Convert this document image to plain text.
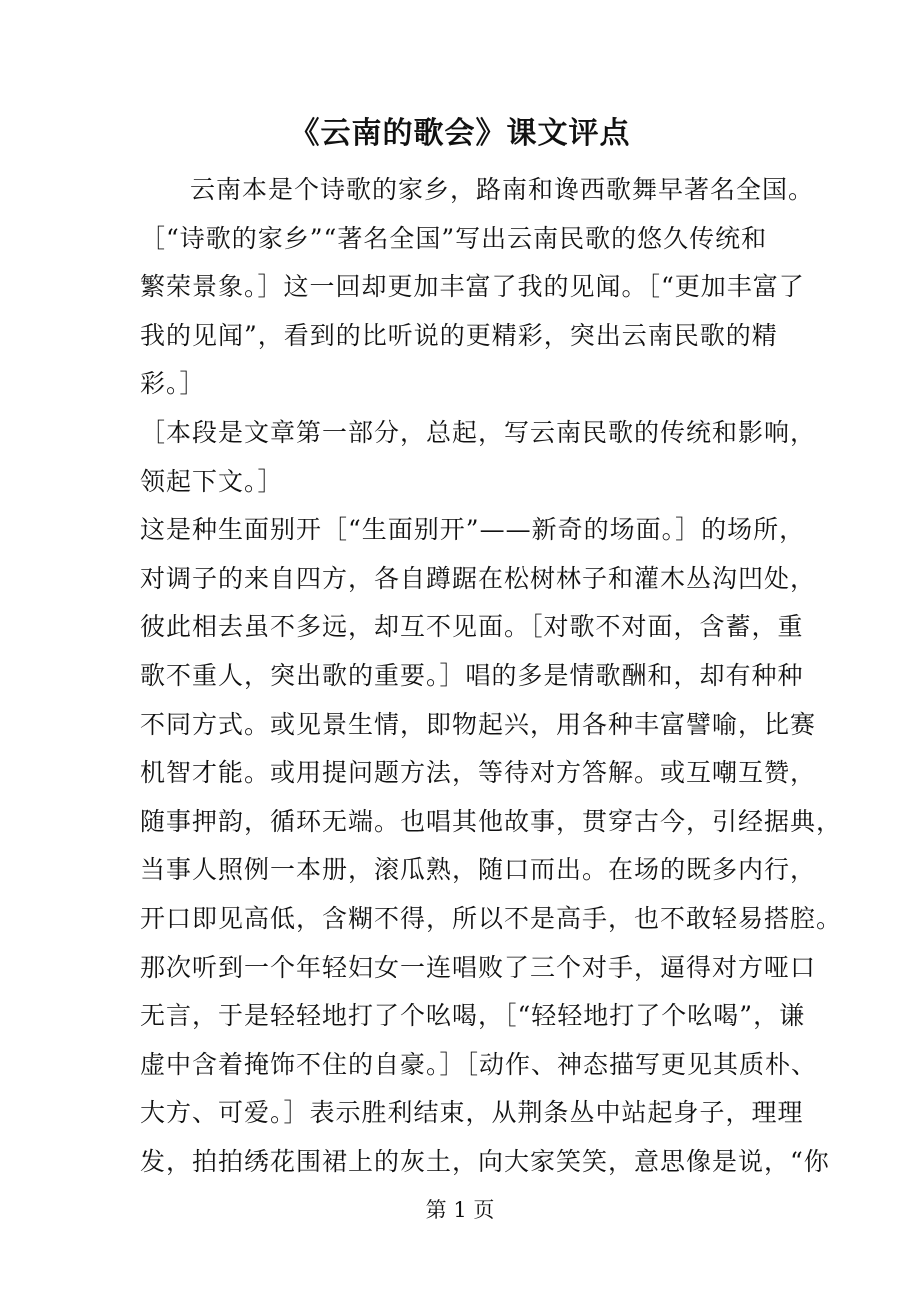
《云南的歌会》课文评点
云南本是个诗歌的家乡，路南和谗西歌舞早著名全国。
［“诗歌的家乡”“著名全国”写出云南民歌的悠久传统和
繁荣景象。］这一回却更加丰富了我的见闻。［“更加丰富了
我的见闻”，看到的比听说的更精彩，突出云南民歌的精
彩。］
［本段是文章第一部分，总起，写云南民歌的传统和影响，
领起下文。］
这是种生面别开［“生面别开”——新奇的场面。］的场所，
对调子的来自四方，各自蹲踞在松树林子和灌木丛沟凹处，
彼此相去虽不多远，却互不见面。［对歌不对面，含蓄，重
歌不重人，突出歌的重要。］唱的多是情歌酬和，却有种种
不同方式。或见景生情，即物起兴，用各种丰富譬喻，比赛
机智才能。或用提问题方法，等待对方答解。或互嘲互赞，
随事押韵，循环无端。也唱其他故事，贯穿古今，引经据典，
当事人照例一本册，滚瓜熟，随口而出。在场的既多内行，
开口即见高低，含糊不得，所以不是高手，也不敢轻易搭腔。
那次听到一个年轻妇女一连唱败了三个对手，逼得对方哑口
无言，于是轻轻地打了个吆喝，［“轻轻地打了个吆喝”，谦
虚中含着掩饰不住的自豪。］［动作、神态描写更见其质朴、
大方、可爱。］表示胜利结束，从荆条丛中站起身子，理理
发，拍拍绣花围裙上的灰土，向大家笑笑，意思像是说，“你
第 1 页
